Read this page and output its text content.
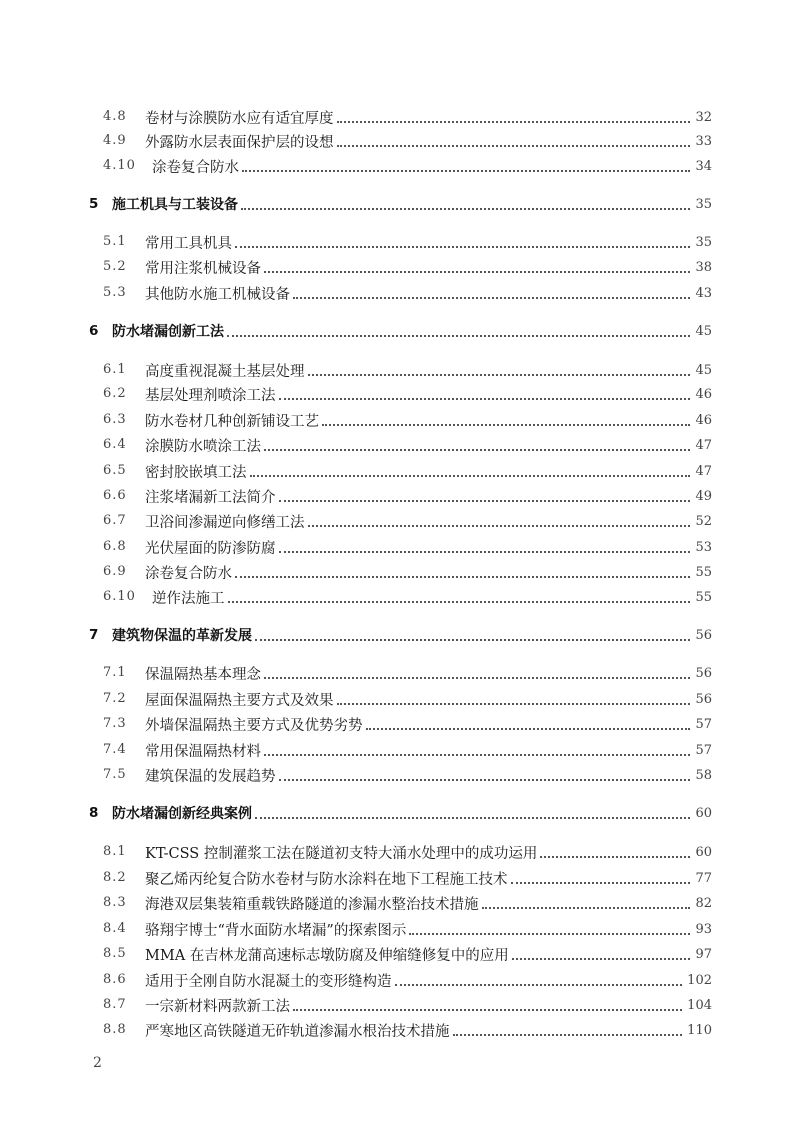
4.8 卷材与涂膜防水应有适宜厚度	32
4.9 外露防水层表面保护层的设想	33
4.10 涂卷复合防水	34
5 施工机具与工装设备	35
5.1 常用工具机具	35
5.2 常用注浆机械设备	38
5.3 其他防水施工机械设备	43
6 防水堵漏创新工法	45
6.1 高度重视混凝土基层处理	45
6.2 基层处理剂喷涂工法	46
6.3 防水卷材几种创新铺设工艺	46
6.4 涂膜防水喷涂工法	47
6.5 密封胶嵌填工法	47
6.6 注浆堵漏新工法简介	49
6.7 卫浴间渗漏逆向修缮工法	52
6.8 光伏屋面的防渗防腐	53
6.9 涂卷复合防水	55
6.10 逆作法施工	55
7 建筑物保温的革新发展	56
7.1 保温隔热基本理念	56
7.2 屋面保温隔热主要方式及效果	56
7.3 外墙保温隔热主要方式及优势劣势	57
7.4 常用保温隔热材料	57
7.5 建筑保温的发展趋势	58
8 防水堵漏创新经典案例	60
8.1 KT-CSS 控制灌浆工法在隧道初支特大涌水处理中的成功运用	60
8.2 聚乙烯丙纶复合防水卷材与防水涂料在地下工程施工技术	77
8.3 海港双层集装箱重载铁路隧道的渗漏水整治技术措施	82
8.4 骆翔宇博士“背水面防水堵漏”的探索图示	93
8.5 MMA 在吉林龙蒲高速标志墩防腐及伸缩缝修复中的应用	97
8.6 适用于全刚自防水混凝土的变形缝构造	102
8.7 一宗新材料两款新工法	104
8.8 严寒地区高铁隧道无砟轨道渗漏水根治技术措施	110
2
